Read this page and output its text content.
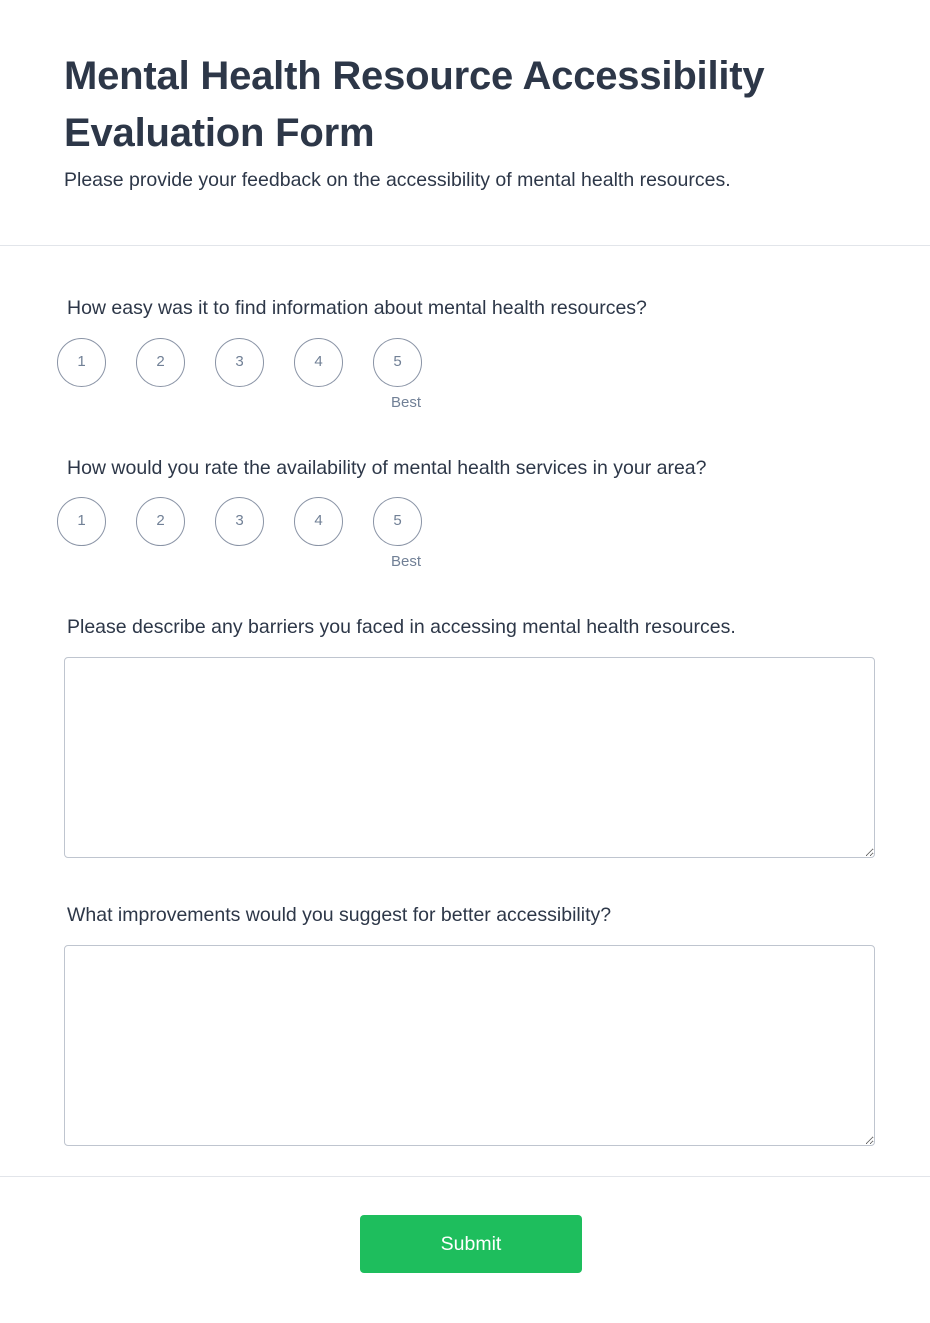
Mental Health Resource Accessibility Evaluation Form

Please provide your feedback on the accessibility of mental health resources.

How easy was it to find information about mental health resources?
1	2	3	4	5
Best
How would you rate the availability of mental health services in your area?
1	2	3	4	5
Best
Please describe any barriers you faced in accessing mental health resources.
What improvements would you suggest for better accessibility?
Submit
